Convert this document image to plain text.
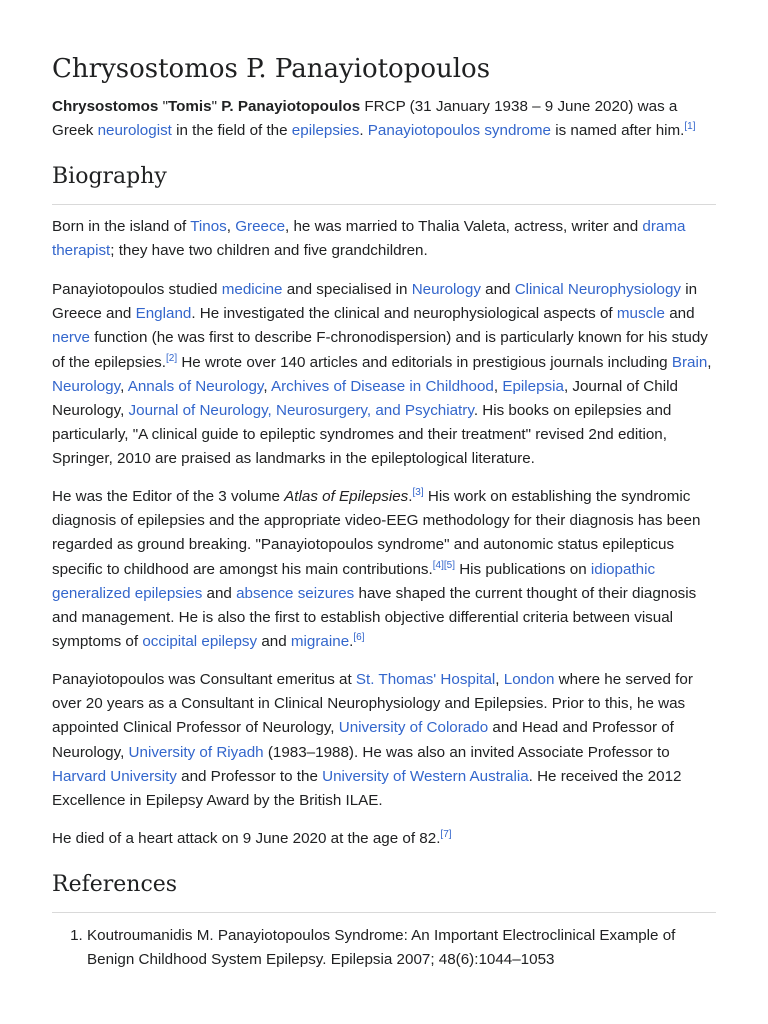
Chrysostomos P. Panayiotopoulos

Chrysostomos "Tomis" P. Panayiotopoulos FRCP (31 January 1938 – 9 June 2020) was a Greek neurologist in the field of the epilepsies. Panayiotopoulos syndrome is named after him.[1]

Biography

Born in the island of Tinos, Greece, he was married to Thalia Valeta, actress, writer and drama therapist; they have two children and five grandchildren.

Panayiotopoulos studied medicine and specialised in Neurology and Clinical Neurophysiology in Greece and England. He investigated the clinical and neurophysiological aspects of muscle and nerve function (he was first to describe F-chronodispersion) and is particularly known for his study of the epilepsies.[2] He wrote over 140 articles and editorials in prestigious journals including Brain, Neurology, Annals of Neurology, Archives of Disease in Childhood, Epilepsia, Journal of Child Neurology, Journal of Neurology, Neurosurgery, and Psychiatry. His books on epilepsies and particularly, "A clinical guide to epileptic syndromes and their treatment" revised 2nd edition, Springer, 2010 are praised as landmarks in the epileptological literature.

He was the Editor of the 3 volume Atlas of Epilepsies.[3] His work on establishing the syndromic diagnosis of epilepsies and the appropriate video-EEG methodology for their diagnosis has been regarded as ground breaking. "Panayiotopoulos syndrome" and autonomic status epilepticus specific to childhood are amongst his main contributions.[4][5] His publications on idiopathic generalized epilepsies and absence seizures have shaped the current thought of their diagnosis and management. He is also the first to establish objective differential criteria between visual symptoms of occipital epilepsy and migraine.[6]

Panayiotopoulos was Consultant emeritus at St. Thomas' Hospital, London where he served for over 20 years as a Consultant in Clinical Neurophysiology and Epilepsies. Prior to this, he was appointed Clinical Professor of Neurology, University of Colorado and Head and Professor of Neurology, University of Riyadh (1983–1988). He was also an invited Associate Professor to Harvard University and Professor to the University of Western Australia. He received the 2012 Excellence in Epilepsy Award by the British ILAE.

He died of a heart attack on 9 June 2020 at the age of 82.[7]

References
1. Koutroumanidis M. Panayiotopoulos Syndrome: An Important Electroclinical Example of Benign Childhood System Epilepsy. Epilepsia 2007; 48(6):1044–1053
